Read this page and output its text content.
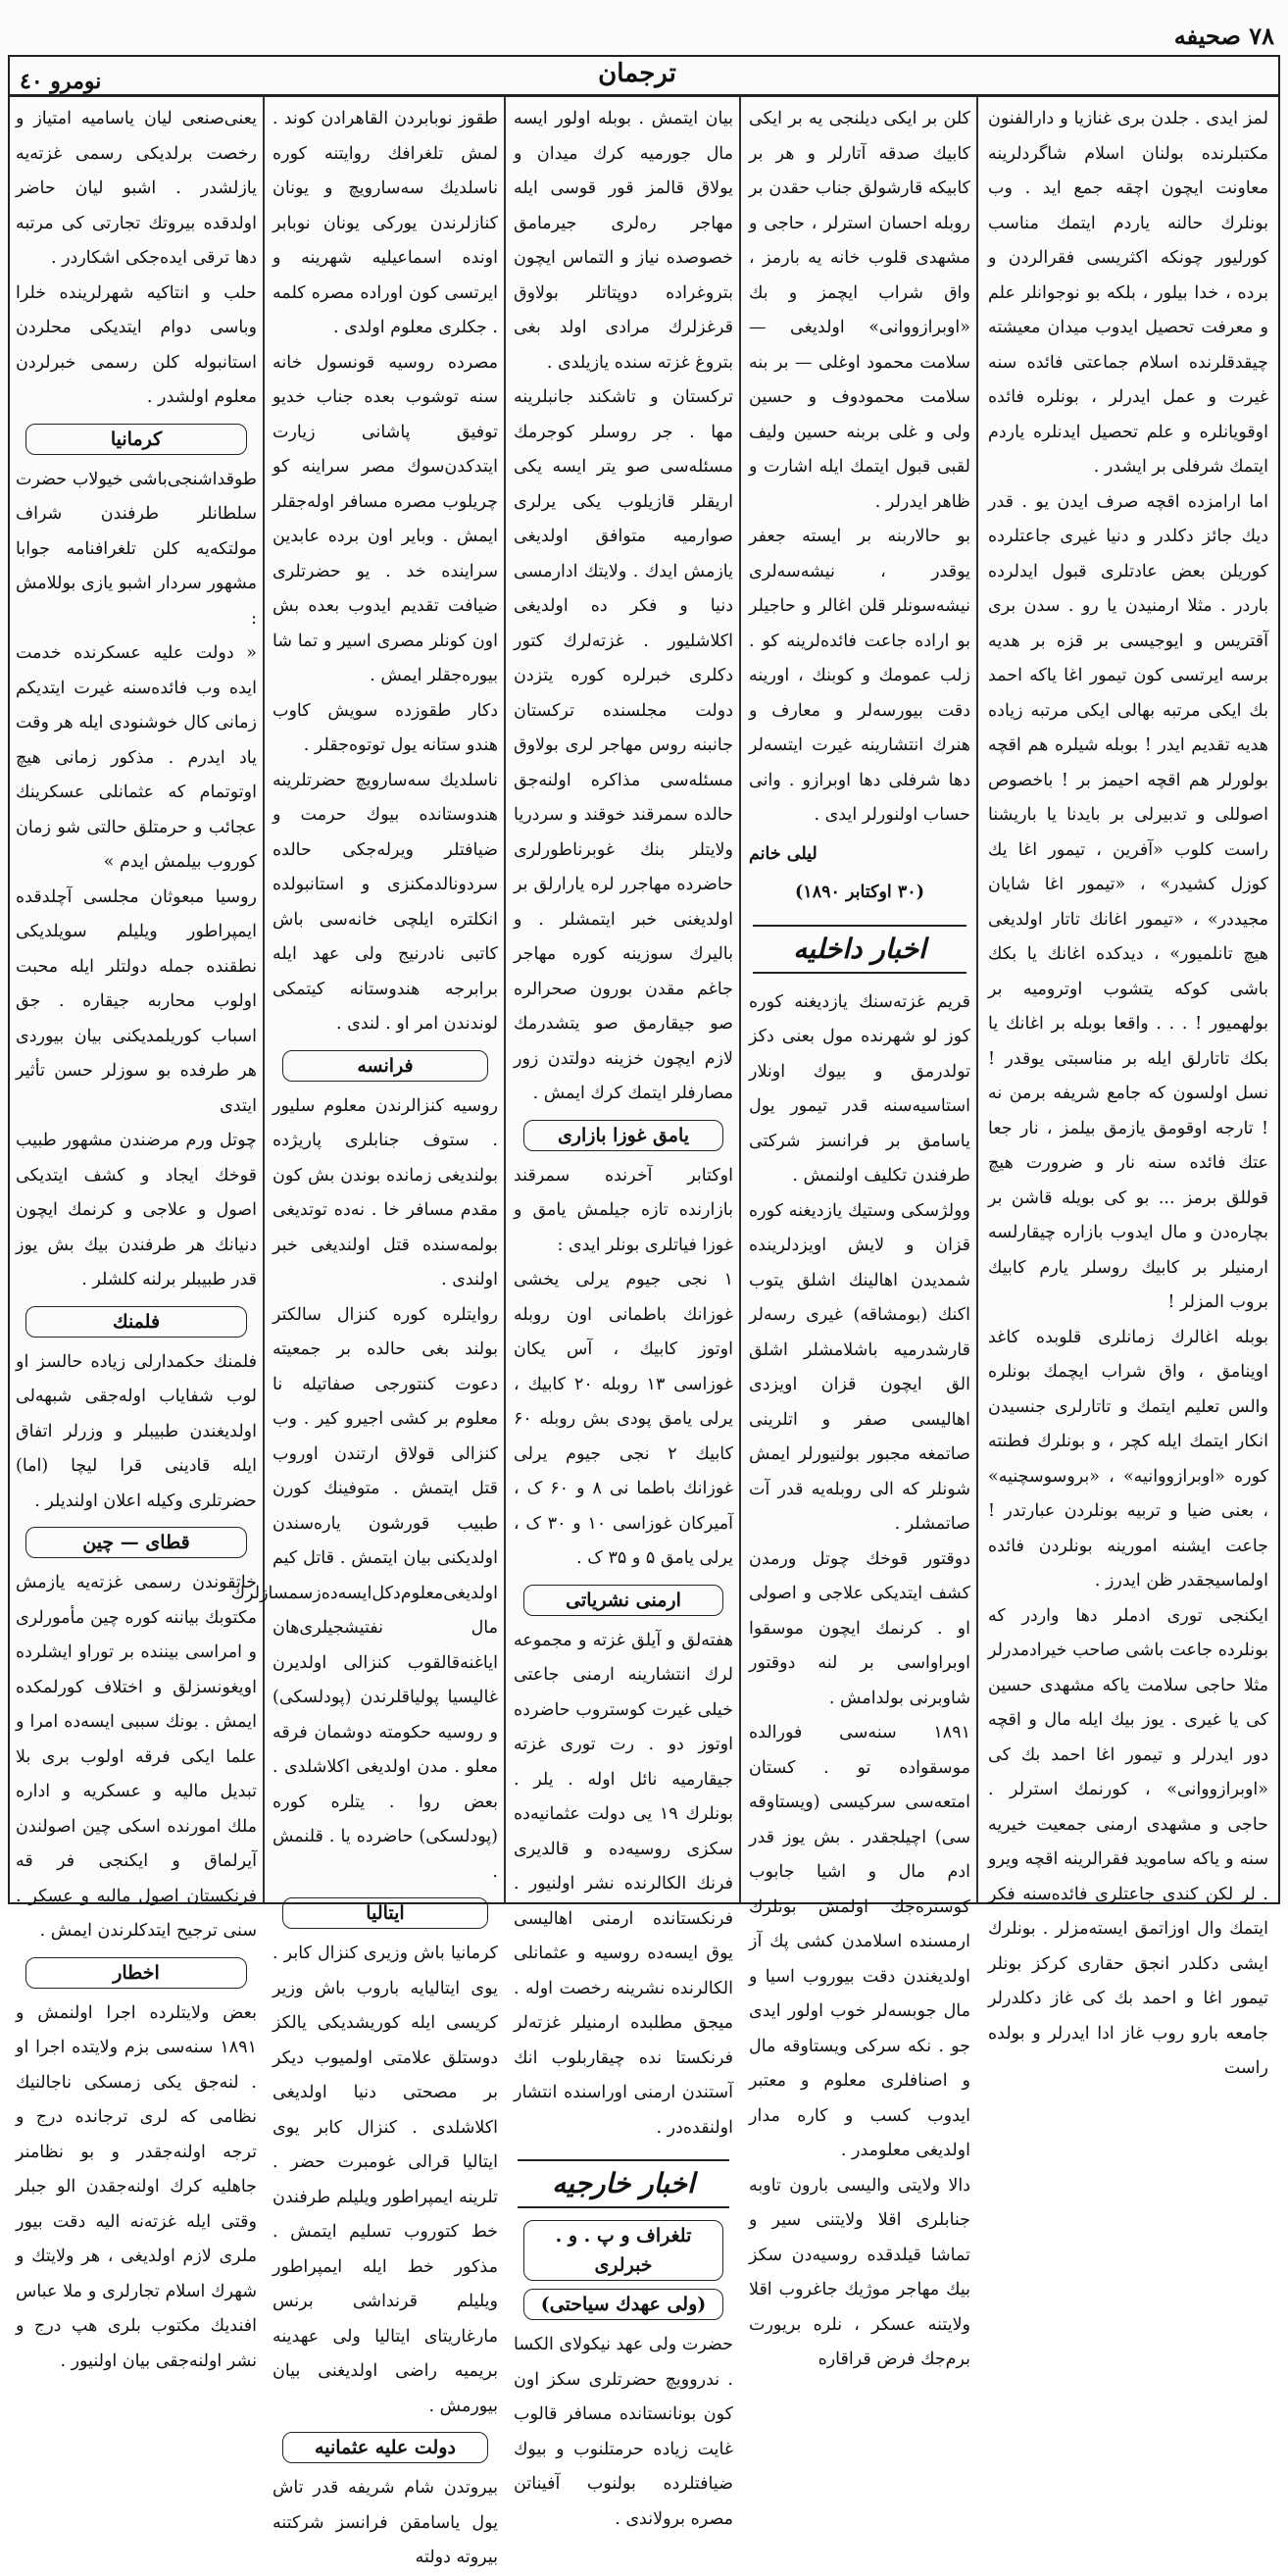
۷۸ صحیفه
ترجمان
نومرو ٤٠

لمز ايدى . جلدن برى غنازيا و دارالفنون مكتبلرنده بولنان اسلام شاگردلرینه معاونت ایچون اچقه جمع ايد . وب بونلرك حالنه یاردم ایتمك مناسب کورلیور چونکه اکثریسی فقرالردن و برده ، خدا بیلور ، بلکه بو نوجوانلر علم و معرفت تحصیل ایدوب میدان معیشته چیقدقلرنده اسلام جماعتی فائده سنه غیرت و عمل ایدرلر ، بونلره فائده اوقویانلره و علم تحصیل ایدنلره یاردم ایتمك شرفلی بر ایشدر .

اما ارامزده اقچه صرف ایدن یو . قدر دیك جائز دکلدر و دنیا غیری جاعتلرده کوریلن بعض عادتلری قبول ایدلرده باردر . مثلا ارمنیدن یا رو . سدن بری آقتریس و ایوجیسی بر قزه بر هدیه برسه ایرتسی کون تیمور اغا یاکه احمد بك ایکی مرتبه بهالی ایکی مرتبه زیاده هدیه تقدیم ایدر ! بوبله شیلره هم اقچه بولورلر هم اقچه احیمز بر ! باخصوص اصوللی و تدبیرلی بر بایدنا یا باریشنا راست کلوب «آفرین ، تیمور اغا یك کوزل کشیدر» ، «تیمور اغا شایان مجیددر» ، «تیمور اغانك تاتار اولدیغی هیچ تانلمیور» ، دیدکده اغانك یا بکك باشی کوکه یتشوب اوترومیه بر بولهمیور ! . . . واقعا بوبله بر اغانك یا بکك تاتارلق ایله بر مناسبتی یوقدر ! نسل اولسون که جامع شریفه برمن نه ! تارجه اوقومق یازمق بیلمز ، نار جعا عتك فائده سنه نار و ضرورت هیچ قوللق برمز ... بو کی بویله قاشن بر بچاره‌دن و مال ایدوب بازاره چیقارلسه ارمنیلر بر کابیك روسلر یارم کابیك بروب المزلر !

بوبله اغالرك زمانلری قلوبده کاغد اوینامق ، واق شراب ایچمك بونلره والس تعلیم ایتمك و تاتارلری جنسیدن انکار ایتمك ایله کچر ، و بونلرك فطنته کوره «اوبرازووانیه» ، «بروسوسچنیه» ، بعنی ضیا و تربیه بونلردن عبارتدر ! جاعت ایشنه امورینه بونلردن فائده اولماسیجقدر ظن ایدرز .

ایکنجی توری ادملر دها واردر که بونلرده جاعت باشی صاحب خیرادمدرلر مثلا حاجی سلامت یاکه مشهدی حسین کی یا غیری . یوز بیك ایله مال و اقچه دور ایدرلر و تیمور اغا احمد بك کی «اوبرازووانی» ، کورنمك استرلر . حاجی و مشهدی ارمنی جمعیت خیریه سنه و یاکه ساموید فقرالرینه اقچه ویرو . لر لکن کندی جاعتلری فائده‌سنه فکر ایتمك وال اوزاتمق ایسته‌مزلر . بونلرك ایشی دکلدر انجق حقاری کرکز بونلر تیمور اغا و احمد بك کی غاز دکلدرلر جامعه بارو روب غاز ادا ایدرلر و بولده راست

کلن بر ایکی دیلنجی یه بر ایکی کابیك صدقه آتارلر و هر بر کابیکه قارشولق جناب حقدن بر روبله احسان استرلر ، حاجی و مشهدی قلوب خانه یه بارمز ، واق شراب ایچمز و بك «اوبرازووانی» اولدیغی — سلامت محمود اوغلی — بر بنه سلامت محمودوف و حسین ولی و غلی بربنه حسین ولیف لقبی قبول ایتمك ایله اشارت و ظاهر ایدرلر .

بو حالاربنه بر ایسته جعفر یوقدر ، نیشه‌سه‌لری نیشه‌سونلر قلن اغالر و حاجیلر بو اراده جاعت فائده‌لرینه کو . زلب عمومك و کوبنك ، اورینه دقت بیورسه‌لر و معارف و هنرك انتشارینه غیرت ایتسه‌لر دها شرفلی دها اوبرازو . وانی حساب اولنورلر ایدی .

لیلی خانم
(۳۰ اوکتابر ۱۸۹۰)
اخبار داخلیه

قریم غزته‌سنك یازدیغنه کوره کوز لو شهرنده مول بعنی دکز تولدرمق و بیوك اونلار استاسیه‌سنه قدر تیمور یول یاسامق بر فرانسز شرکتی طرفندن تکلیف اولنمش .

وولژسکی وستیك یازدیغنه کوره قزان و لایش اویزدلرینده شمدیدن اهالینك اشلق یتوب اکنك (بومشاقه) غیری رسه‌لر قارشدرمیه باشلامشلر اشلق الق ایچون قزان اویزدی اهالیسی صفر و اتلرینی صاتمغه مجبور بولنیورلر ایمش شونلر که الی روبله‌یه قدر آت صاتمشلر .

دوقتور قوخك چوتل ورمدن کشف ایتدیکی علاجی و اصولی او . کرنمك ایچون موسقوا اوبراواسی بر لنه دوقتور شاوبرنی بولدامش .

۱۸۹۱ سنه‌سی فورالده موسقواده تو . کستان امتعه‌سی سرکیسی (ویستاوقه سی) اچیلجقدر . بش یوز قدر ادم مال و اشیا جابوب کوستره‌جك اولمش بونلرك ارمسنده اسلامدن کشی پك آز اولدیغندن دقت بیوروب اسیا و مال جوبسه‌لر خوب اولور ایدی جو . نکه سرکی ویستاوقه مال و اصنافلری معلوم و معتبر ایدوب کسب و کاره مدار اولدیغی معلومدر .

دالا ولایتی والیسی بارون تاوبه جنابلری اقلا ولایتنی سیر و تماشا قیلدقده روسیه‌دن سکز بیك مهاجر موژیك جاغروب اقلا ولایتنه عسکر ، نلره بریورت برم‌جك فرض قراقاره

بیان ایتمش . بوبله اولور ایسه مال جورمیه کرك میدان و یولاق قالمز قور قوسی ایله مهاجر ره‌لری جیرمامق خصوصده نیاز و التماس ایچون بتروغراده دوپتاتلر بولاوق قرغزلرك مرادی اولد بغی بتروغ غزته سنده یازیلدی .

ترکستان و تاشکند جانبلرینه مها . جر روسلر کوجرمك مسئله‌سی صو یتر ایسه یکی اریقلر قازیلوب یکی یرلری صوارمیه متوافق اولدیغی یازمش ایدك . ولایتك ادارمسی دنیا و فکر ده اولدیغی اکلاشلیور . غزته‌لرك کتور دکلری خبرلره کوره یتزدن دولت مجلسنده ترکستان جانبنه روس مهاجر لری بولاوق مسئله‌سی مذاکره اولنه‌جق حالده سمرقند خوقند و سردریا ولایتلر بنك غوبرناطورلری حاضرده مهاجرر لره یارارلق بر اولدیغنی خبر ایتمشلر . و بالیرك سوزینه کوره مهاجر جاغم مقدن بورون صحرالره صو جیقارمق صو یتشدرمك لازم ایچون خزینه دولتدن زور مصارفلر ایتمك کرك ایمش .

یامق غوزا بازاری

اوکتابر آخرنده سمرقند بازارنده تازه جیلمش یامق و غوزا فیاتلری بونلر ایدی :

۱ نجی جیوم یرلی یخشی غوزانك باطمانی اون روبله اوتوز کابیك ، آس یکان غوزاسی ۱۳ روبله ۲۰ کابیك ، یرلی یامق پودی بش روبله ۶۰ کابیك ۲ نجی جیوم یرلی غوزانك باطما نی ۸ و ۶۰ ک ، آمیرکان غوزاسی ۱۰ و ۳۰ ک ، یرلی یامق ۵ و ۳۵ ک .

ارمنی نشریاتی

هفته‌لق و آیلق غزته و مجموعه لرك انتشارینه ارمنی جاعتی خیلی غیرت کوستروب حاضرده اوتوز دو . رت توری غزته جیقارمیه نائل اوله . یلر . بونلرك ۱۹ یی دولت عثمانیه‌ده سکزی روسیه‌ده و قالدیری فرنك الکالرنده نشر اولنیور . فرنکستانده ارمنی اهالیسی یوق ایسه‌ده روسیه و عثمانلی الکالرنده نشرینه رخصت اوله . میجق مطلبده ارمنیلر غزته‌لر فرنکستا نده چیقاربلوب انك آستندن ارمنی اوراسنده انتشار اولنقده‌در .

اخبار خارجیه
تلغراف و پ . و . خبرلری
(ولی عهدك سیاحتی)

حضرت ولی عهد نیکولای الکسا . ندروویچ حضرتلری سکز اون کون بونانستانده مسافر قالوب غایت زیاده حرمتلنوب و بیوك ضیافتلرده بولنوب آفیناتن مصره برولاندی .

طقوز نوبابردن القاهرادن کوند . لمش تلغرافك روایتنه کوره ناسلدیك سه‌سارویچ و یونان کنازلرندن یورکی یونان نوبابر اونده اسماعیلیه شهرینه و ایرتسی کون اوراده مصره کلمه . جکلری معلوم اولدی .

مصرده روسیه قونسول خانه سنه توشوب بعده جناب خدیو توفیق پاشانی زیارت ایتدکدن‌سوك مصر سراینه کو چریلوب مصره مسافر اوله‌جقلر ایمش . وبایر اون برده عابدین سراینده خد . یو حضرتلری ضیافت تقدیم ایدوب بعده بش اون کونلر مصری اسیر و تما شا بیوره‌جقلر ایمش .

دکار طقوزده سویش کاوب هندو ستانه یول توتوه‌جقلر .

ناسلدیك سه‌سارویچ حضرتلرینه هندوستانده بیوك حرمت و ضیافتلر ویرله‌جکی حالده سردونالدمکنزی و استانبولده انکلتره ایلچی خانه‌سی باش کاتبی نادرنیج ولی عهد ایله برابرجه هندوستانه کیتمکی لوندندن امر او . لندی .

فرانسه

روسیه کنزالرندن معلوم سلیور . ستوف جنابلری پاریژده بولندیغی زمانده بوندن بش کون مقدم مسافر خا . نه‌ده توتدیغی بولمه‌سنده قتل اولندیغی خبر اولندی .

روایتلره کوره کنزال سالکتر بولند بغی حالده بر جمعیته دعوت کنتورجی صفاتیله نا معلوم بر کشی اجیرو کیر . وب کنزالی قولاق ارتندن اوروب قتل ایتمش . متوفینك کورن طبیب قورشون یاره‌سندن اولدیکنی بیان ایتمش . قاتل کیم اولدیغی‌معلوم‌دکل‌ایسه‌ده‌زسمسازلرك مال نفتیشجیلری‌هان ایاغنه‌قالقوب کنزالی اولدیرن غالیسیا پولیاقلرندن (پودلسکی) و روسیه حکومته دوشمان فرقه معلو . مدن اولدیغی اکلاشلدی . بعض روا . یتلره کوره (پودلسکی) حاضرده یا . قلنمش .

ایتالیا

کرمانیا باش وزیری کنزال کابر . یوی ایتالیایه باروب باش وزیر کریسی ایله کوریشدیکی یالکز دوستلق علامتی اولمیوب دیکر بر مصحتی دنیا اولدیغی اکلاشلدی . کنزال کابر یوی ایتالیا قرالی غومبرت حضر . تلرینه ایمپراطور ویلیلم طرفندن خط کتوروب تسلیم ایتمش . مذکور خط ایله ایمپراطور ویلیلم قرنداشی برنس مارغاریتای ایتالیا ولی عهدینه بریمیه راضی اولدیغنی بیان بیورمش .

دولت علیه عثمانیه

بیروتدن شام شریفه قدر تاش یول یاسامقن فرانسز شرکتنه بیروته دولته

یعنی‌صنعی لیان یاسامیه امتیاز و رخصت برلدیکی رسمی غزته‌یه یازلشدر . اشبو لیان حاضر اولدقده بیروتك تجارتی کی مرتبه دها ترقی ایده‌جکی اشکاردر .

حلب و انتاکیه شهرلرینده خلرا وباسی دوام ایتدیکی محلردن استانبوله کلن رسمی خبرلردن معلوم اولشدر .

کرمانیا

طوقداشنجی‌باشی خیولاب حضرت سلطانلر طرفندن شراف مولتکه‌یه کلن تلغرافنامه جوابا مشهور سردار اشبو یازی بوللامش :

« دولت علیه عسکرنده خدمت ایده وب فائده‌سنه غیرت ایتدیکم زمانی کال خوشنودی ایله هر وقت یاد ایدرم . مذکور زمانی هیچ اوتوتمام که عثمانلی عسکرینك عجائب و حرمتلق حالتی شو زمان کوروب بیلمش ایدم »

روسیا مبعوثان مجلسی آچلدقده ایمپراطور ویلیلم سویلدیکی نطقنده جمله دولتلر ایله محبت اولوب محاربه جیقاره . جق اسباب کوریلمدیکنی بیان بیوردی هر طرفده بو سوزلر حسن تأثیر ایتدی

چوتل ورم مرضندن مشهور طبیب قوخك ایجاد و کشف ایتدیکی اصول و علاجی و کرنمك ایچون دنیانك هر طرفندن بیك بش یوز قدر طبیبلر برلنه کلشلر .

فلمنك

فلمنك حکمدارلی زیاده حالسز او لوب شفایاب اوله‌جقی شبهه‌لی اولدیغندن طبیبلر و وزرلر اتفاق ایله قادینی قرا لیچا (اما) حضرتلری وکیله اعلان اولندیلر .

قطای — چین

خاتقوندن رسمی غزته‌یه یازمش مکتوبك بیاننه کوره چین مأمورلری و امراسی بیننده بر توراو ایشلرده اویغونسزلق و اختلاف کورلمکده ایمش . بونك سببی ایسه‌ده امرا و علما ایکی فرقه اولوب بری بلا تبدیل مالیه و عسکریه و اداره ملك امورنده اسکی چین اصولندن آیرلماق و ایکنجی فر قه فرنکستان اصول مالیه و عسکر . سنی ترجیح ایتدکلرندن ایمش .

اخطار

بعض ولایتلرده اجرا اولنمش و ۱۸۹۱ سنه‌سی بزم ولایتده اجرا او . لنه‌جق یکی زمسکی ناجالنیك نظامی که لری ترجانده درج و ترجه اولنه‌جقدر و بو نظامنر جاهلیه کرك اولنه‌جقدن الو جبلر وقتی ایله غزته‌نه الیه دقت بیور ملری لازم اولدیغی ، هر ولایتك و شهرك اسلام تجارلری و ملا عباس افندیك مکتوب بلری هپ درج و نشر اولنه‌جقی بیان اولنیور .
